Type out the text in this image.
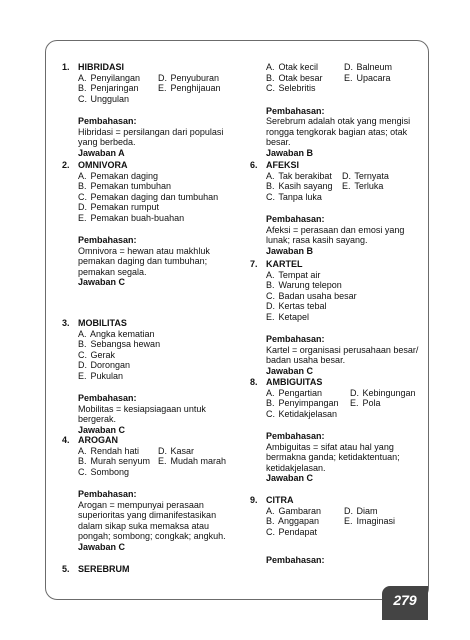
1. HIBRIDASI
A. Penyilangan	D. Penyuburan
B. Penjaringan	E. Penghijauan
C. Unggulan
Pembahasan:
Hibridasi = persilangan dari populasi
yang berbeda.
Jawaban A
2. OMNIVORA
A. Pemakan daging
B. Pemakan tumbuhan
C. Pemakan daging dan tumbuhan
D. Pemakan rumput
E. Pemakan buah-buahan
Pembahasan:
Omnivora = hewan atau makhluk
pemakan daging dan tumbuhan;
pemakan segala.
Jawaban C
3. MOBILITAS
A. Angka kematian
B. Sebangsa hewan
C. Gerak
D. Dorongan
E. Pukulan
Pembahasan:
Mobilitas = kesiapsiagaan untuk
bergerak.
Jawaban C
4. AROGAN
A. Rendah hati	D. Kasar
B. Murah senyum E. Mudah marah
C. Sombong
Pembahasan:
Arogan = mempunyai perasaan
superioritas yang dimanifestasikan
dalam sikap suka memaksa atau
pongah; sombong; congkak; angkuh.
Jawaban C
5. SEREBRUM
A. Otak kecil	D. Balneum
B. Otak besar	E. Upacara
C. Selebritis
Pembahasan:
Serebrum adalah otak yang mengisi
rongga tengkorak bagian atas; otak
besar.
Jawaban B
6. AFEKSI
A. Tak berakibat	D. Ternyata
B. Kasih sayang	E. Terluka
C. Tanpa luka
Pembahasan:
Afeksi = perasaan dan emosi yang
lunak; rasa kasih sayang.
Jawaban B
7. KARTEL
A. Tempat air
B. Warung telepon
C. Badan usaha besar
D. Kertas tebal
E. Ketapel
Pembahasan:
Kartel = organisasi perusahaan besar/
badan usaha besar.
Jawaban C
8. AMBIGUITAS
A. Pengartian	D. Kebingungan
B. Penyimpangan	E. Pola
C. Ketidakjelasan
Pembahasan:
Ambiguitas = sifat atau hal yang
bermakna ganda; ketidaktentuan;
ketidakjelasan.
Jawaban C
9. CITRA
A. Gambaran	D. Diam
B. Anggapan	E. Imaginasi
C. Pendapat
Pembahasan:
279
